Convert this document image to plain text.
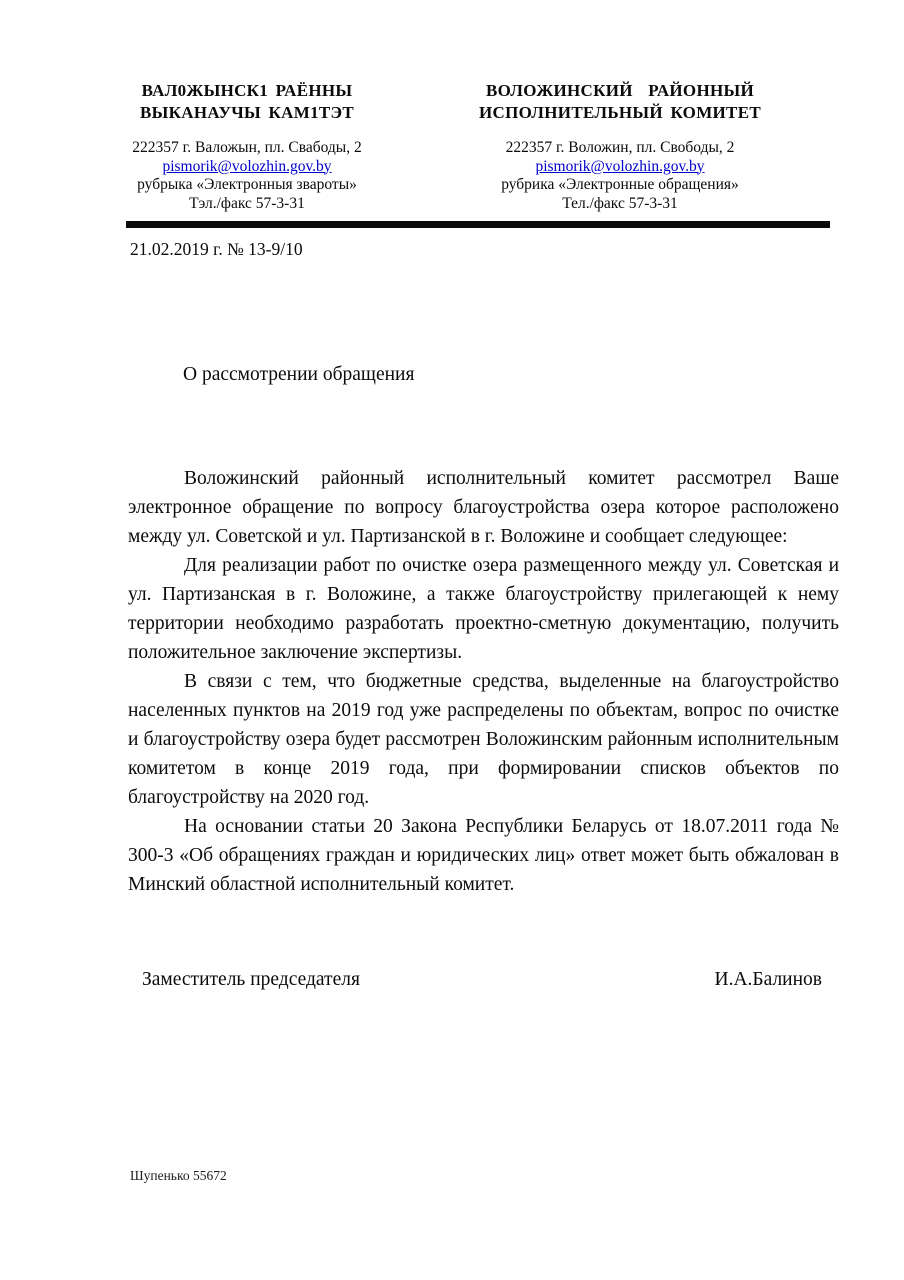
ВАЛ0ЖЫНСК1 РАЁННЫ
ВЫКАНАУЧЫ КАМ1ТЭТ
222357 г. Валожын, пл. Свабоды, 2
pismorik@volozhin.gov.by
рубрыка «Электронныя звароты»
Тэл./факс 57-3-31
ВОЛОЖИНСКИЙ РАЙОННЫЙ
ИСПОЛНИТЕЛЬНЫЙ КОМИТЕТ
222357 г. Воложин, пл. Свободы, 2
pismorik@volozhin.gov.by
рубрика «Электронные обращения»
Тел./факс 57-3-31
21.02.2019 г. № 13-9/10
О рассмотрении обращения

Воложинский районный исполнительный комитет рассмотрел Ваше электронное обращение по вопросу благоустройства озера которое расположено между ул. Советской и ул. Партизанской в г. Воложине и сообщает следующее:

Для реализации работ по очистке озера размещенного между ул. Советская и ул. Партизанская в г. Воложине, а также благоустройству прилегающей к нему территории необходимо разработать проектно-сметную документацию, получить положительное заключение экспертизы.

В связи с тем, что бюджетные средства, выделенные на благоустройство населенных пунктов на 2019 год уже распределены по объектам, вопрос по очистке и благоустройству озера будет рассмотрен Воложинским районным исполнительным комитетом в конце 2019 года, при формировании списков объектов по благоустройству на 2020 год.

На основании статьи 20 Закона Республики Беларусь от 18.07.2011 года № 300-3 «Об обращениях граждан и юридических лиц» ответ может быть обжалован в Минский областной исполнительный комитет.

Заместитель председателя	И.А.Балинов
Шупенько 55672
